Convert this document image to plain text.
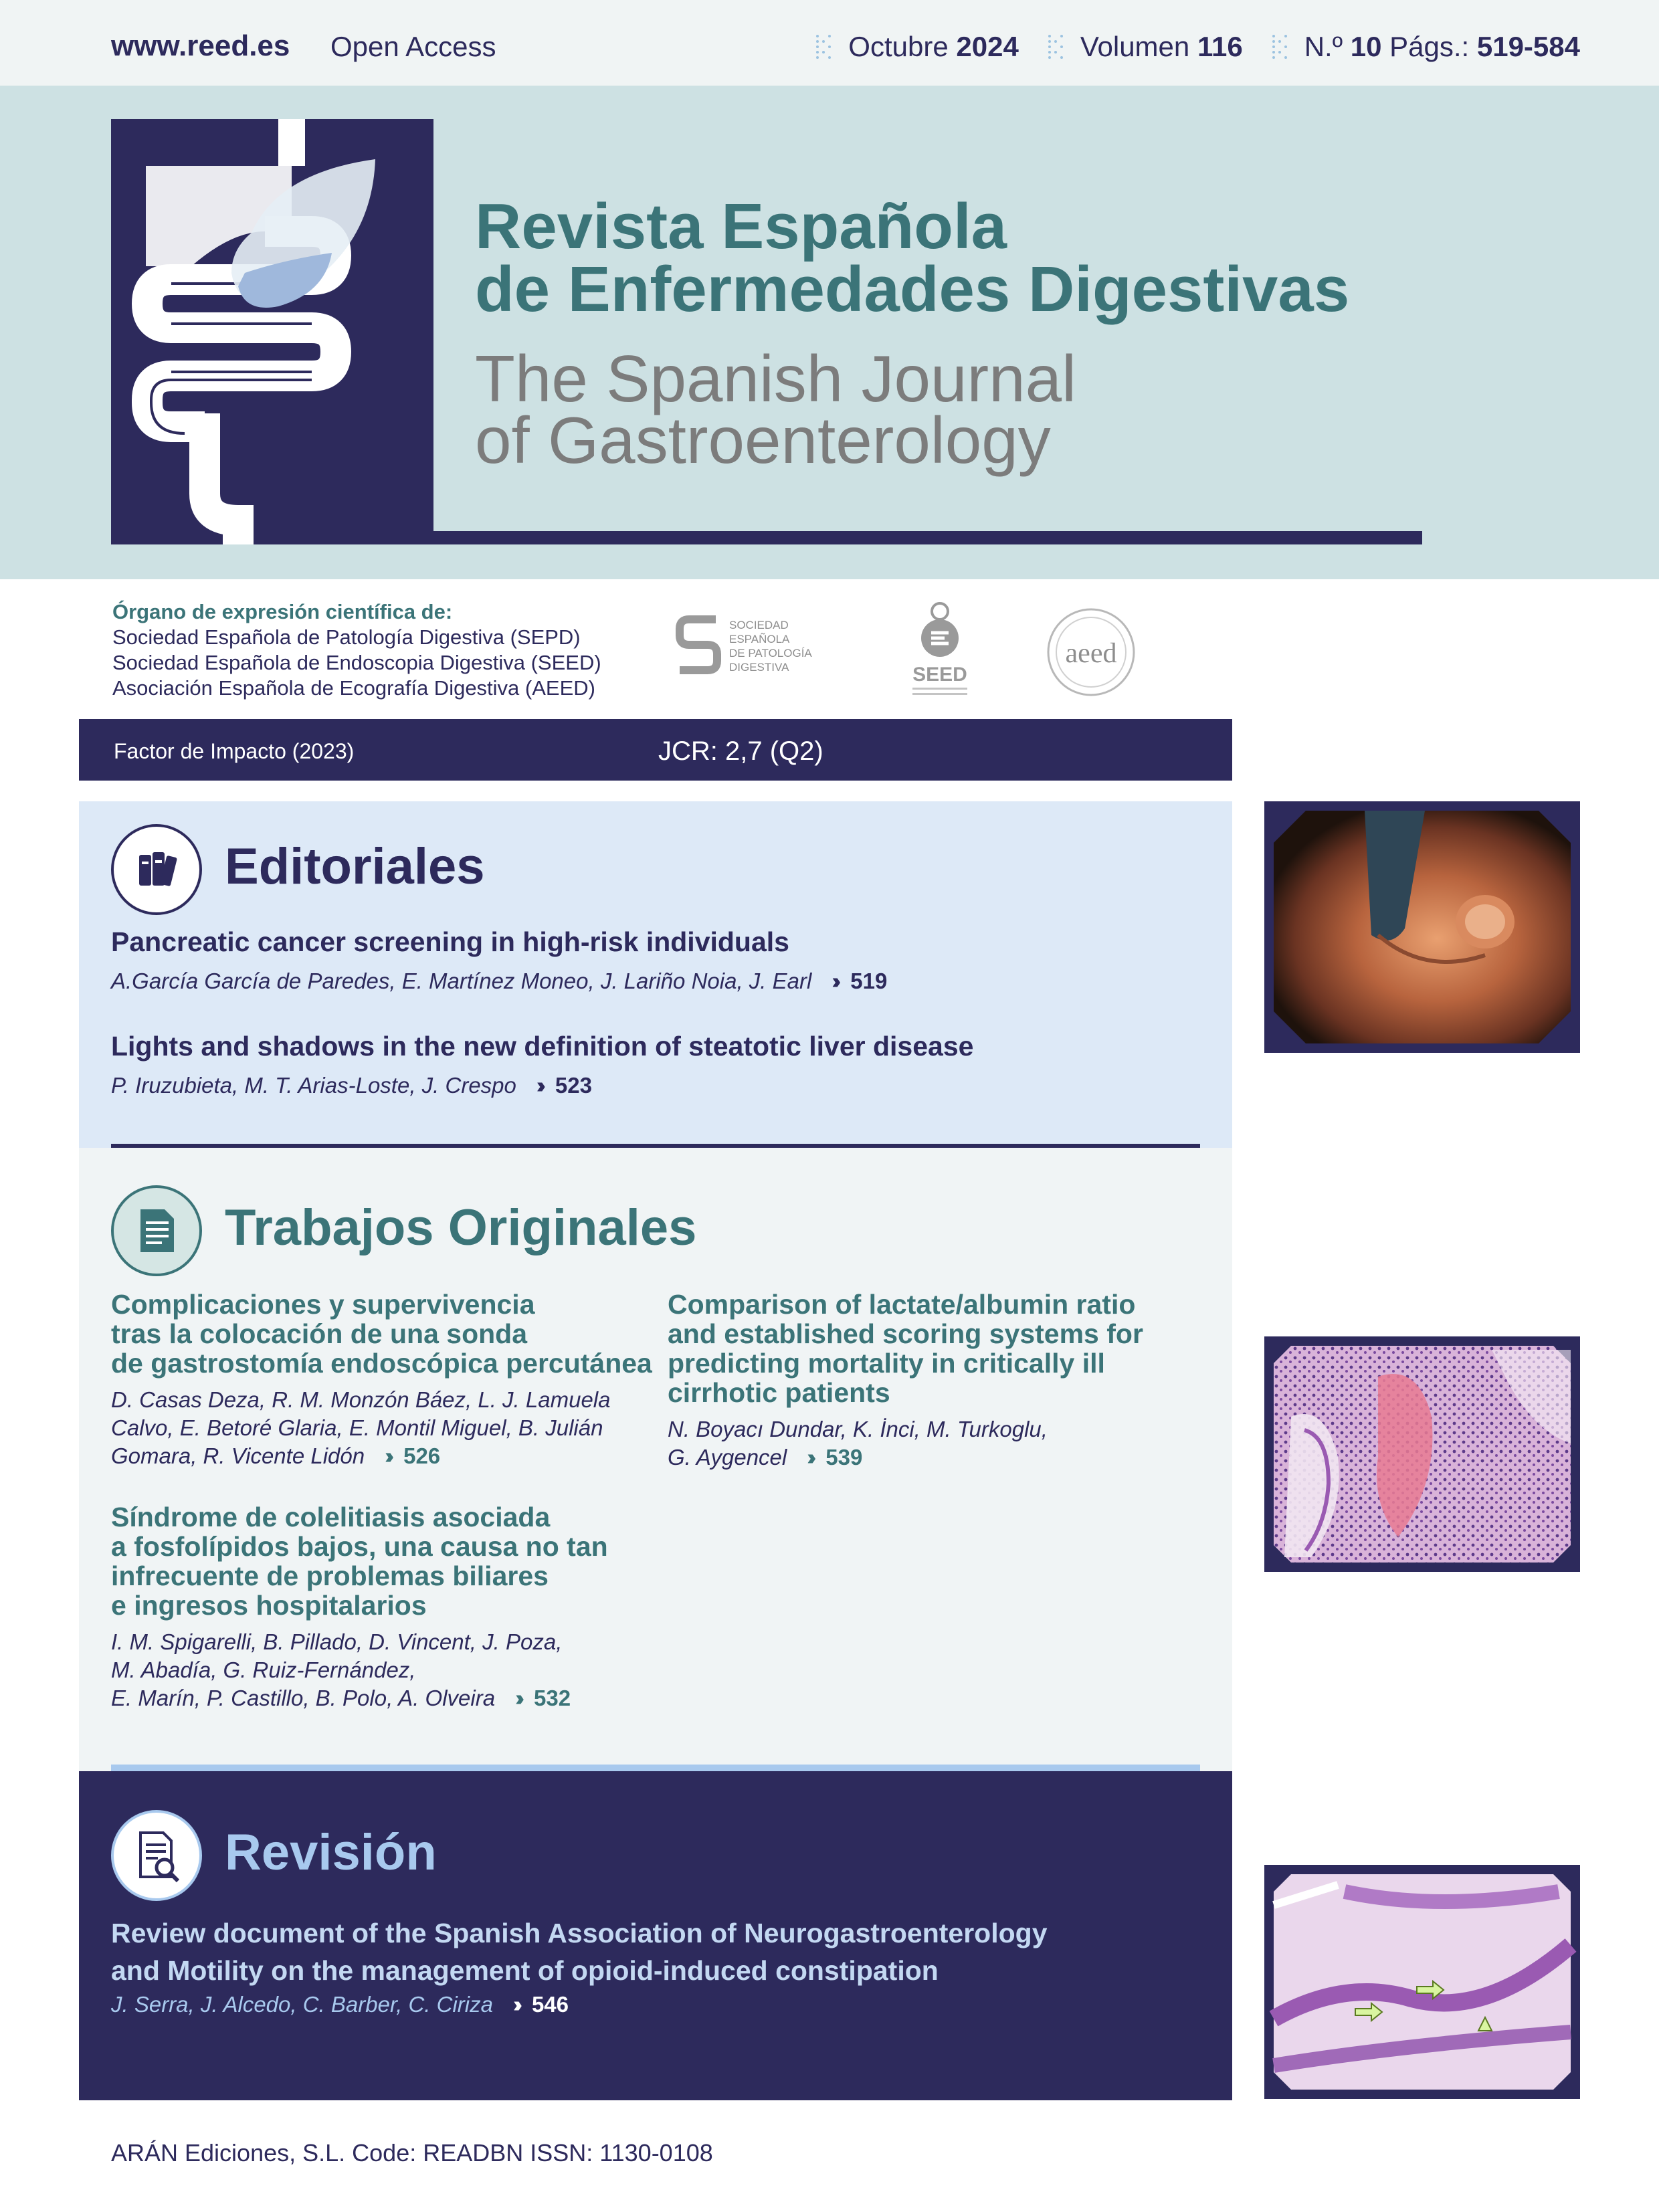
www.reed.es Open Access	Octubre 2024 Volumen 116 N.º 10 Págs.: 519-584
Revista Española
de Enfermedades Digestivas
The Spanish Journal
of Gastroenterology
Órgano de expresión científica de:
Sociedad Española de Patología Digestiva (SEPD)
Sociedad Española de Endoscopia Digestiva (SEED)
Asociación Española de Ecografía Digestiva (AEED)
SOCIEDAD
ESPAÑOLA
DE PATOLOGÍA
DIGESTIVA	SEED
aeed
Factor de Impacto (2023)	JCR: 2,7 (Q2)
Editoriales
Pancreatic cancer screening in high-risk individuals
A.García García de Paredes, E. Martínez Moneo, J. Lariño Noia, J. Earl ›› 519
Lights and shadows in the new definition of steatotic liver disease
P. Iruzubieta, M. T. Arias-Loste, J. Crespo ›› 523
Trabajos Originales
Complicaciones y supervivencia
tras la colocación de una sonda
de gastrostomía endoscópica percutánea
D. Casas Deza, R. M. Monzón Báez, L. J. Lamuela
Calvo, E. Betoré Glaria, E. Montil Miguel, B. Julián
Gomara, R. Vicente Lidón ›› 526
Síndrome de colelitiasis asociada
a fosfolípidos bajos, una causa no tan
infrecuente de problemas biliares
e ingresos hospitalarios
I. M. Spigarelli, B. Pillado, D. Vincent, J. Poza,
M. Abadía, G. Ruiz-Fernández,
E. Marín, P. Castillo, B. Polo, A. Olveira ›› 532
Comparison of lactate/albumin ratio
and established scoring systems for
predicting mortality in critically ill
cirrhotic patients
N. Boyacı Dundar, K. İnci, M. Turkoglu,
G. Aygencel ›› 539
Revisión
Review document of the Spanish Association of Neurogastroenterology
and Motility on the management of opioid-induced constipation
J. Serra, J. Alcedo, C. Barber, C. Ciriza ›› 546
ARÁN Ediciones, S.L. Code: READBN ISSN: 1130-0108
